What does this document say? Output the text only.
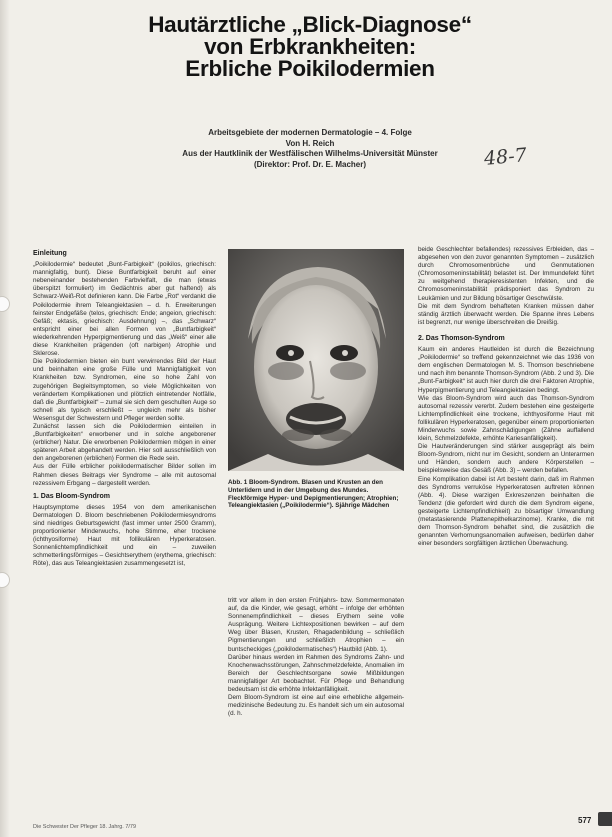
Hautärztliche „Blick-Diagnose“
von Erbkrankheiten:
Erbliche Poikilodermien
Arbeitsgebiete der modernen Dermatologie – 4. Folge
Von H. Reich
Aus der Hautklinik der Westfälischen Wilhelms-Universität Münster
(Direktor: Prof. Dr. E. Macher)	48-7

Einleitung

„Poikilodermie“ bedeutet „Bunt-Farbigkeit“ (poikilos, griechisch: mannigfaltig, bunt). Diese Buntfarbigkeit beruht auf einer nebeneinander bestehenden Farbvielfalt, die man (etwas überspitzt formuliert) im Gedächtnis aber gut haftend) als Schwarz-Weiß-Rot definieren kann. Die Farbe „Rot“ verdankt die Poikilodermie ihrem Teleangiektasien – d. h. Erweiterungen feinster Endgefäße (telos, griechisch: Ende; angeion, griechisch: Gefäß; ektasis, griechisch: Ausdehnung) –, das „Schwarz“ entspricht einer bei allen Formen von „Buntfarbigkeit“ wiederkehrenden Hyperpigmentierung und das „Weiß“ einer alle diese Krankheiten prägenden (oft narbigen) Atrophie und Sklerose.

Die Poikilodermien bieten ein bunt verwirrendes Bild der Haut und beinhalten eine große Fülle und Mannigfaltigkeit von Krankheiten bzw. Syndromen, eine so hohe Zahl von zugehörigen Begleitsymptomen, so viele Möglichkeiten von verändertem Komplikationen und plötzlich eintretender Notfälle, daß die „Buntfarbigkeit“ – zumal sie sich dem geschulten Auge so schnell als typisch erschließt – ungleich mehr als bisher Wesensgut der Schwestern und Pfleger werden sollte.

Zunächst lassen sich die Poikilodermien einteilen in „Buntfarbigkeiten“ erworbener und in solche angeborener (erblicher) Natur. Die erworbenen Poikilodermien mögen in einer späteren Arbeit abgehandelt werden. Hier soll ausschließlich von den angeborenen (erblichen) Formen die Rede sein.

Aus der Fülle erblicher poikilodermatischer Bilder sollen im Rahmen dieses Beitrags vier Syndrome – alle mit autosomal rezessivem Erbgang – dargestellt werden.

1. Das Bloom-Syndrom

Hauptsymptome dieses 1954 von dem amerikanischen Dermatologen D. Bloom beschriebenen Poikilodermiesyndroms sind niedriges Geburtsgewicht (fast immer unter 2500 Gramm), proportionierter Minderwuchs, hohe Stimme, eher trockene (ichthyosiforme) Haut mit follikulären Hyperkeratosen. Sonnenlichtempfindlichkeit und ein – zuweilen schmetterlingsförmiges – Gesichtserythem (erythema, griechisch: Röte), das aus Teleangiektasien zusammengesetzt ist,

Abb. 1 Bloom-Syndrom. Blasen und Krusten an den Unterlidern und in der Umgebung des Mundes. Fleckförmige Hyper- und Depigmentierungen; Atrophien; Teleangiektasien („Poikilodermie“). Sjährige Mädchen

tritt vor allem in den ersten Frühjahrs- bzw. Sommermonaten auf, da die Kinder, wie gesagt, erhöht – infolge der erhöhten Sonnenempfindlichkeit – dieses Erythem seine volle Ausprägung. Weitere Lichtexpositionen bewirken – auf dem Weg über Blasen, Krusten, Rhagadenbildung – schließlich Pigmentierungen und schließlich Atrophien – ein buntscheckiges („poikilodermatisches“) Hautbild (Abb. 1).

Darüber hinaus werden im Rahmen des Syndroms Zahn- und Knochenwachsstörungen, Zahnschmelzdefekte, Anomalien im Bereich der Geschlechtsorgane sowie Mißbildungen mannigfaltiger Art beobachtet. Für Pflege und Behandlung bedeutsam ist die erhöhte Infektanfälligkeit.

Dem Bloom-Syndrom ist eine auf eine erhebliche allgemein-medizinische Bedeutung zu. Es handelt sich um ein autosomal (d. h.

beide Geschlechter befallendes) rezessives Erbleiden, das – abgesehen von den zuvor genannten Symptomen – zusätzlich durch Chromosomenbrüche und Genmutationen (Chromosomeninstabilität) belastet ist. Der Immundefekt führt zu weitgehend therapieresistenten Infekten, und die Chromosomeninstabilität prädisponiert das Syndrom zu Leukämien und zur Bildung bösartiger Geschwülste.

Die mit dem Syndrom behafteten Kranken müssen daher ständig ärztlich überwacht werden. Die Spanne ihres Lebens ist begrenzt, nur wenige überschreiten die Dreißig.

2. Das Thomson-Syndrom

Kaum ein anderes Hautleiden ist durch die Bezeichnung „Poikilodermie“ so treffend gekennzeichnet wie das 1936 von dem englischen Dermatologen M. S. Thomson beschriebene und nach ihm benannte Thomson-Syndrom (Abb. 2 und 3). Die „Bunt-Farbigkeit“ ist auch hier durch die drei Faktoren Atrophie, Hyperpigmentierung und Teleangiektasien bedingt.

Wie das Bloom-Syndrom wird auch das Thomson-Syndrom autosomal rezessiv vererbt. Zudem bestehen eine gesteigerte Lichtempfindlichkeit eine trockene, ichthyosiforme Haut mit follikulären Hyperkeratosen, gegenüber einem proportionierten Minderwuchs sowie Zahnschädigungen (Zähne auffallend klein, Schmelzdefekte, erhöhte Kariesanfälligkeit).

Die Hautveränderungen sind stärker ausgeprägt als beim Bloom-Syndrom, nicht nur im Gesicht, sondern an Unterarmen und Händen, sondern auch andere Körperstellen – beispielsweise das Gesäß (Abb. 3) – werden befallen.

Eine Komplikation dabei ist Art besteht darin, daß im Rahmen des Syndroms verruköse Hyperkeratosen auftreten können (Abb. 4). Diese warzigen Exkreszenzen beinhalten die Tendenz (die gefordert wird durch die dem Syndrom eigene, gesteigerte Lichtempfindlichkeit) zu bösartiger Umwandlung (metastasierende Plattenepithelkarzinome). Kranke, die mit dem Thomson-Syndrom behaftet sind, die zusätzlich die genannten Verhornungsanomalien aufweisen, bedürfen daher einer besonders sorgfältigen ärztlichen Überwachung.

Die Schwester Der Pfleger 18. Jahrg. 7/79
577
